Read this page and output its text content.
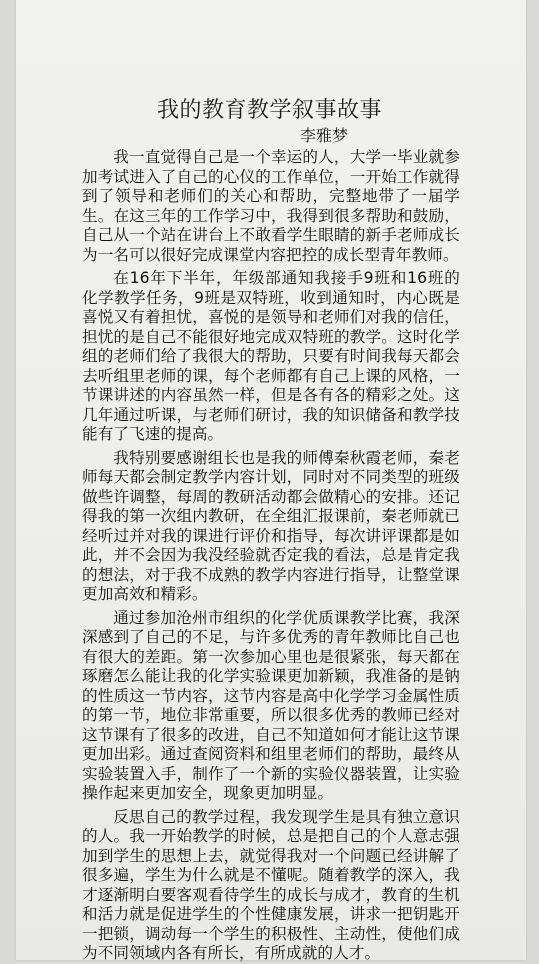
我的教育教学叙事故事

李雅梦

我一直觉得自己是一个幸运的人，大学一毕业就参加考试进入了自己的心仪的工作单位，一开始工作就得到了领导和老师们的关心和帮助，完整地带了一届学生。在这三年的工作学习中，我得到很多帮助和鼓励，自己从一个站在讲台上不敢看学生眼睛的新手老师成长为一名可以很好完成课堂内容把控的成长型青年教师。

在16年下半年，年级部通知我接手9班和16班的化学教学任务，9班是双特班，收到通知时，内心既是喜悦又有着担忧，喜悦的是领导和老师们对我的信任，担忧的是自己不能很好地完成双特班的教学。这时化学组的老师们给了我很大的帮助，只要有时间我每天都会去听组里老师的课，每个老师都有自己上课的风格，一节课讲述的内容虽然一样，但是各有各的精彩之处。这几年通过听课，与老师们研讨，我的知识储备和教学技能有了飞速的提高。

我特别要感谢组长也是我的师傅秦秋霞老师，秦老师每天都会制定教学内容计划，同时对不同类型的班级做些许调整，每周的教研活动都会做精心的安排。还记得我的第一次组内教研，在全组汇报课前，秦老师就已经听过并对我的课进行评价和指导，每次讲评课都是如此，并不会因为我没经验就否定我的看法，总是肯定我的想法，对于我不成熟的教学内容进行指导，让整堂课更加高效和精彩。

通过参加沧州市组织的化学优质课教学比赛，我深深感到了自己的不足，与许多优秀的青年教师比自己也有很大的差距。第一次参加心里也是很紧张，每天都在琢磨怎么能让我的化学实验课更加新颖，我准备的是钠的性质这一节内容，这节内容是高中化学学习金属性质的第一节，地位非常重要，所以很多优秀的教师已经对这节课有了很多的改进，自己不知道如何才能让这节课更加出彩。通过查阅资料和组里老师们的帮助，最终从实验装置入手，制作了一个新的实验仪器装置，让实验操作起来更加安全，现象更加明显。

反思自己的教学过程，我发现学生是具有独立意识的人。我一开始教学的时候，总是把自己的个人意志强加到学生的思想上去，就觉得我对一个问题已经讲解了很多遍，学生为什么就是不懂呢。随着教学的深入，我才逐渐明白要客观看待学生的成长与成才，教育的生机和活力就是促进学生的个性健康发展，讲求一把钥匙开一把锁，调动每一个学生的积极性、主动性，使他们成为不同领域内各有所长，有所成就的人才。
